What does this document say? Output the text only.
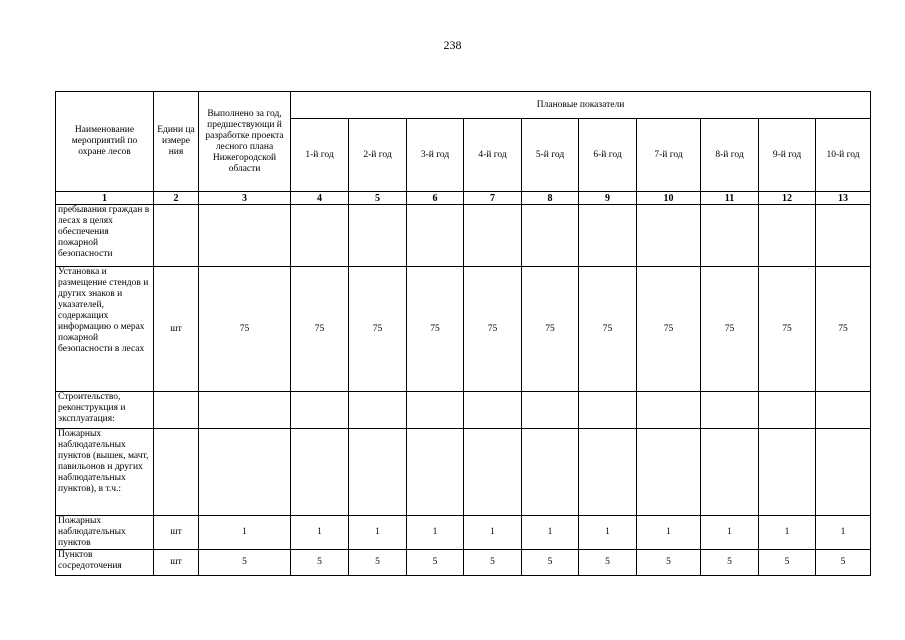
238
Наименование мероприятий по охране лесов	Едини ца измере ния	Выполнено за год, предшествующи й разработке проекта лесного плана Нижегородской области	Плановые показатели									
			1-й год	2-й год	3-й год	4-й год	5-й год	6-й год	7-й год	8-й год	9-й год	10-й год
1	2	3	4	5	6	7	8	9	10	11	12	13
пребывания граждан в лесах в целях обеспечения пожарной безопасности												
Установка и размещение стендов и других знаков и указателей, содержащих информацию о мерах пожарной безопасности в лесах	шт	75	75	75	75	75	75	75	75	75	75	75
Строительство, реконструкция и эксплуатация:												
Пожарных наблюдательных пунктов (вышек, мачт, павильонов и других наблюдательных пунктов), в т.ч.:												
Пожарных наблюдательных пунктов	шт	1	1	1	1	1	1	1	1	1	1	1
Пунктов сосредоточения	шт	5	5	5	5	5	5	5	5	5	5	5
